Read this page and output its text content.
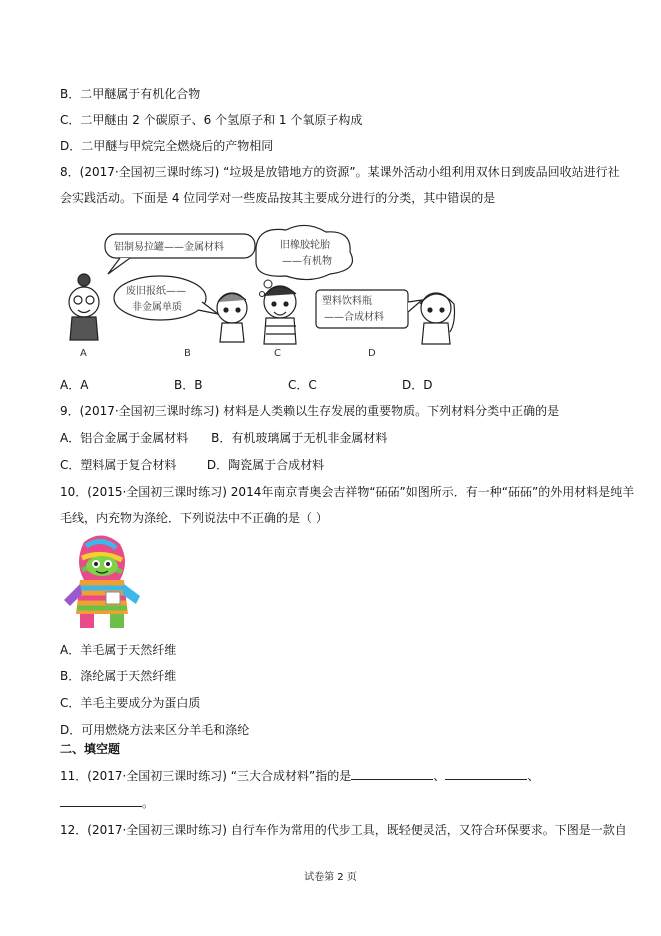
B．二甲醚属于有机化合物
C．二甲醚由 2 个碳原子、6 个氢原子和 1 个氧原子构成
D．二甲醚与甲烷完全燃烧后的产物相同
8．(2017·全国初三课时练习) “垃圾是放错地方的资源”。某课外活动小组利用双休日到废品回收站进行社
会实践活动。下面是 4 位同学对一些废品按其主要成分进行的分类，其中错误的是
铝制易拉罐——金属材料
废旧报纸——
非金属单质
旧橡胶轮胎
——有机物
塑料饮料瓶
——合成材料
A	B	C	D
A．A	B．B	C．C	D．D
9．(2017·全国初三课时练习) 材料是人类赖以生存发展的重要物质。下列材料分类中正确的是
A．铝合金属于金属材料      B．有机玻璃属于无机非金属材料
C．塑料属于复合材料        D．陶瓷属于合成材料
10．(2015·全国初三课时练习) 2014年南京青奥会吉祥物“砳砳”如图所示．有一种“砳砳”的外用材料是纯羊
毛线，内充物为涤纶．下列说法中不正确的是（ ）
A．羊毛属于天然纤维
B．涤纶属于天然纤维
C．羊毛主要成分为蛋白质
D．可用燃烧方法来区分羊毛和涤纶
二、填空题
11．(2017·全国初三课时练习) “三大合成材料”指的是	、	、
。
12．(2017·全国初三课时练习) 自行车作为常用的代步工具，既轻便灵活，又符合环保要求。下图是一款自
试卷第 2 页
